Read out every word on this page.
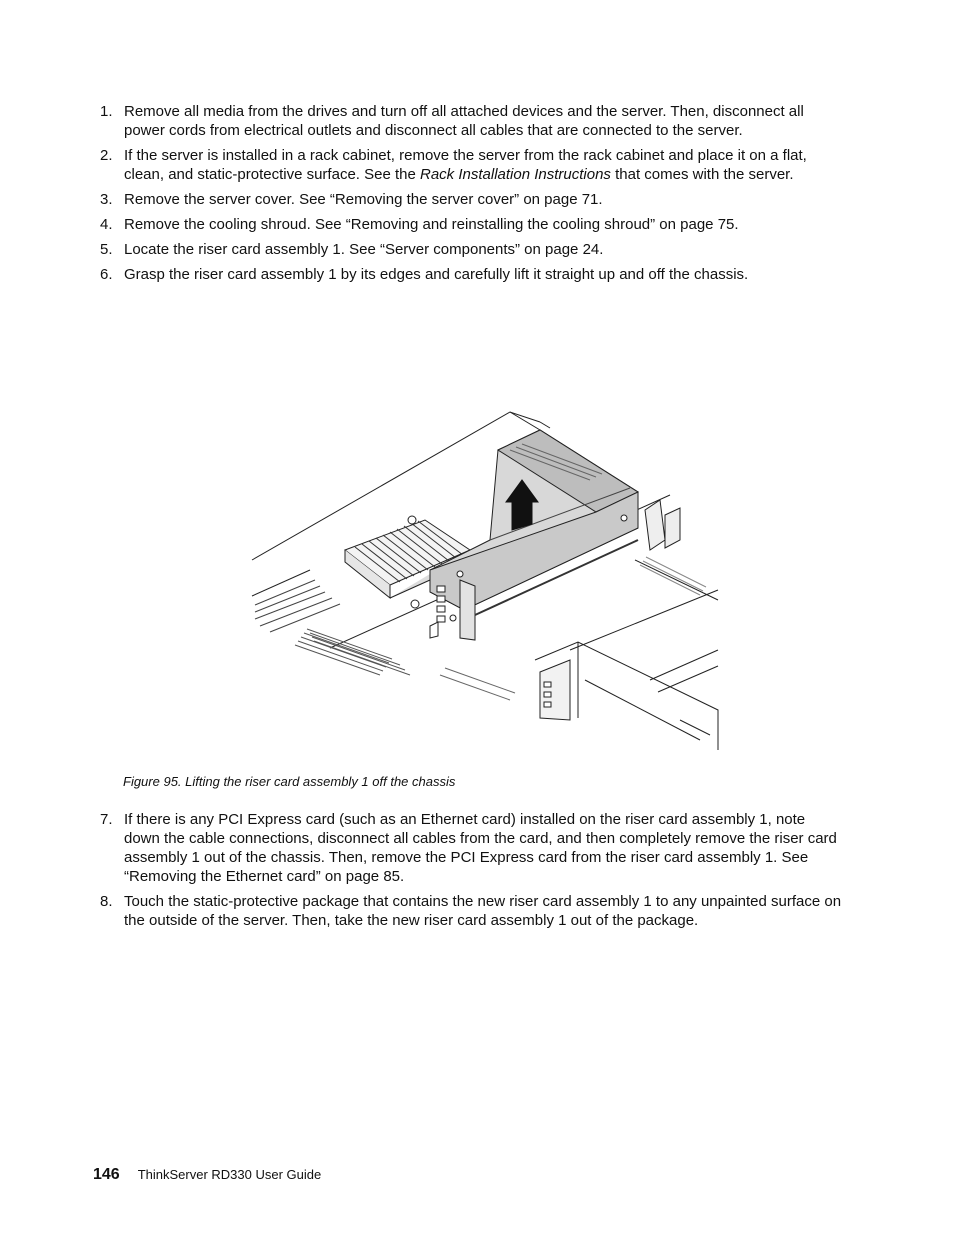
1. Remove all media from the drives and turn off all attached devices and the server. Then, disconnect all power cords from electrical outlets and disconnect all cables that are connected to the server.
2. If the server is installed in a rack cabinet, remove the server from the rack cabinet and place it on a flat, clean, and static-protective surface. See the Rack Installation Instructions that comes with the server.
3. Remove the server cover. See “Removing the server cover” on page 71.
4. Remove the cooling shroud. See “Removing and reinstalling the cooling shroud” on page 75.
5. Locate the riser card assembly 1. See “Server components” on page 24.
6. Grasp the riser card assembly 1 by its edges and carefully lift it straight up and off the chassis.
Figure 95. Lifting the riser card assembly 1 off the chassis
7. If there is any PCI Express card (such as an Ethernet card) installed on the riser card assembly 1, note down the cable connections, disconnect all cables from the card, and then completely remove the riser card assembly 1 out of the chassis. Then, remove the PCI Express card from the riser card assembly 1. See “Removing the Ethernet card” on page 85.
8. Touch the static-protective package that contains the new riser card assembly 1 to any unpainted surface on the outside of the server. Then, take the new riser card assembly 1 out of the package.
146 ThinkServer RD330 User Guide
